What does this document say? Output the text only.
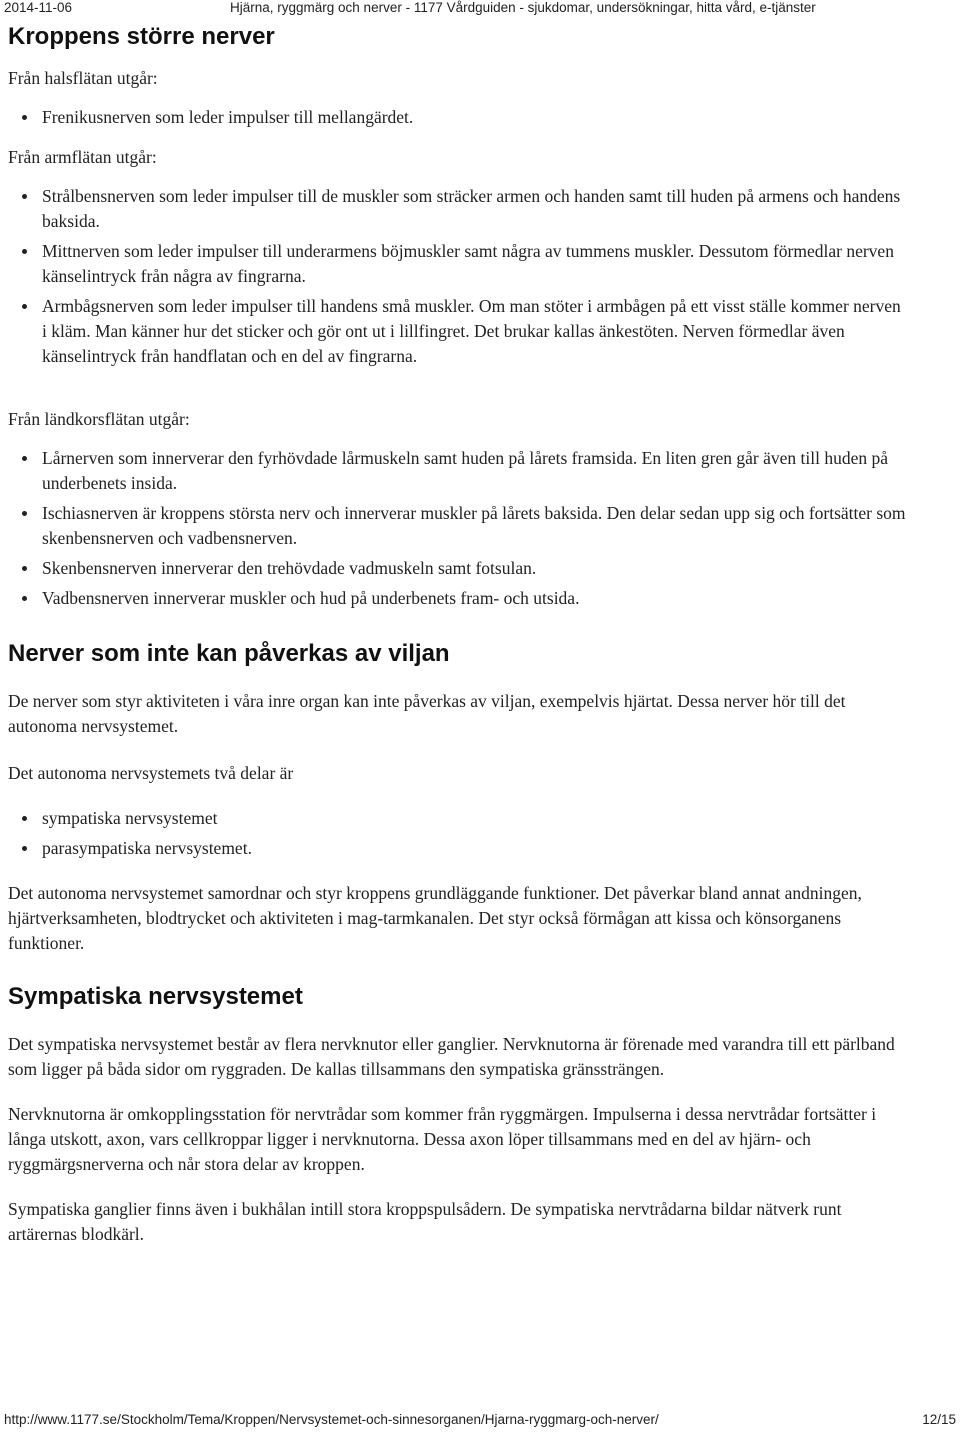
2014-11-06	Hjärna, ryggmärg och nerver - 1177 Vårdguiden - sjukdomar, undersökningar, hitta vård, e-tjänster
Kroppens större nerver

Från halsflätan utgår:

Frenikusnerven som leder impulser till mellangärdet.

Från armflätan utgår:

Strålbensnerven som leder impulser till de muskler som sträcker armen och handen samt till huden på armens och handens baksida.
Mittnerven som leder impulser till underarmens böjmuskler samt några av tummens muskler. Dessutom förmedlar nerven känselintryck från några av fingrarna.
Armbågsnerven som leder impulser till handens små muskler. Om man stöter i armbågen på ett visst ställe kommer nerven i kläm. Man känner hur det sticker och gör ont ut i lillfingret. Det brukar kallas änkestöten. Nerven förmedlar även känselintryck från handflatan och en del av fingrarna.

Från ländkorsflätan utgår:

Lårnerven som innerverar den fyrhövdade lårmuskeln samt huden på lårets framsida. En liten gren går även till huden på underbenets insida.
Ischiasnerven är kroppens största nerv och innerverar muskler på lårets baksida. Den delar sedan upp sig och fortsätter som skenbensnerven och vadbensnerven.
Skenbensnerven innerverar den trehövdade vadmuskeln samt fotsulan.
Vadbensnerven innerverar muskler och hud på underbenets fram- och utsida.
Nerver som inte kan påverkas av viljan

De nerver som styr aktiviteten i våra inre organ kan inte påverkas av viljan, exempelvis hjärtat. Dessa nerver hör till det autonoma nervsystemet.

Det autonoma nervsystemets två delar är

sympatiska nervsystemet
parasympatiska nervsystemet.

Det autonoma nervsystemet samordnar och styr kroppens grundläggande funktioner. Det påverkar bland annat andningen, hjärtverksamheten, blodtrycket och aktiviteten i mag-tarmkanalen. Det styr också förmågan att kissa och könsorganens funktioner.

Sympatiska nervsystemet

Det sympatiska nervsystemet består av flera nervknutor eller ganglier. Nervknutorna är förenade med varandra till ett pärlband som ligger på båda sidor om ryggraden. De kallas tillsammans den sympatiska gränssträngen.

Nervknutorna är omkopplingsstation för nervtrådar som kommer från ryggmärgen. Impulserna i dessa nervtrådar fortsätter i långa utskott, axon, vars cellkroppar ligger i nervknutorna. Dessa axon löper tillsammans med en del av hjärn- och ryggmärgsnerverna och når stora delar av kroppen.

Sympatiska ganglier finns även i bukhålan intill stora kroppspulsådern. De sympatiska nervtrådarna bildar nätverk runt artärernas blodkärl.

http://www.1177.se/Stockholm/Tema/Kroppen/Nervsystemet-och-sinnesorganen/Hjarna-ryggmarg-och-nerver/	12/15
